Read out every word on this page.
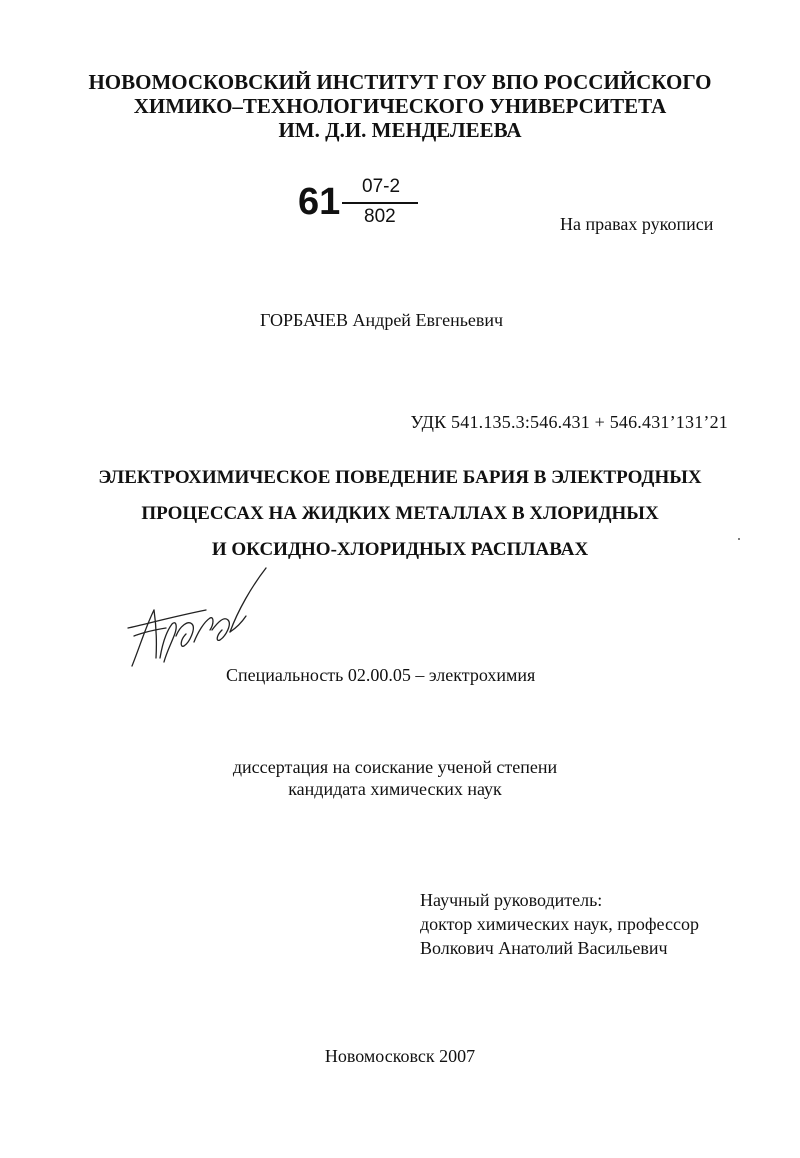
НОВОМОСКОВСКИЙ ИНСТИТУТ ГОУ ВПО РОССИЙСКОГО
ХИМИКО–ТЕХНОЛОГИЧЕСКОГО УНИВЕРСИТЕТА
ИМ. Д.И. МЕНДЕЛЕЕВА
61 07-2
802	На правах рукописи
ГОРБАЧЕВ Андрей Евгеньевич
УДК 541.135.3:546.431 + 546.431’131’21
ЭЛЕКТРОХИМИЧЕСКОЕ ПОВЕДЕНИЕ БАРИЯ В ЭЛЕКТРОДНЫХ
ПРОЦЕССАХ НА ЖИДКИХ МЕТАЛЛАХ В ХЛОРИДНЫХ
И ОКСИДНО-ХЛОРИДНЫХ РАСПЛАВАХ
Специальность 02.00.05 – электрохимия
диссертация на соискание ученой степени
кандидата химических наук
Научный руководитель:
доктор химических наук, профессор
Волкович Анатолий Васильевич
Новомосковск 2007
